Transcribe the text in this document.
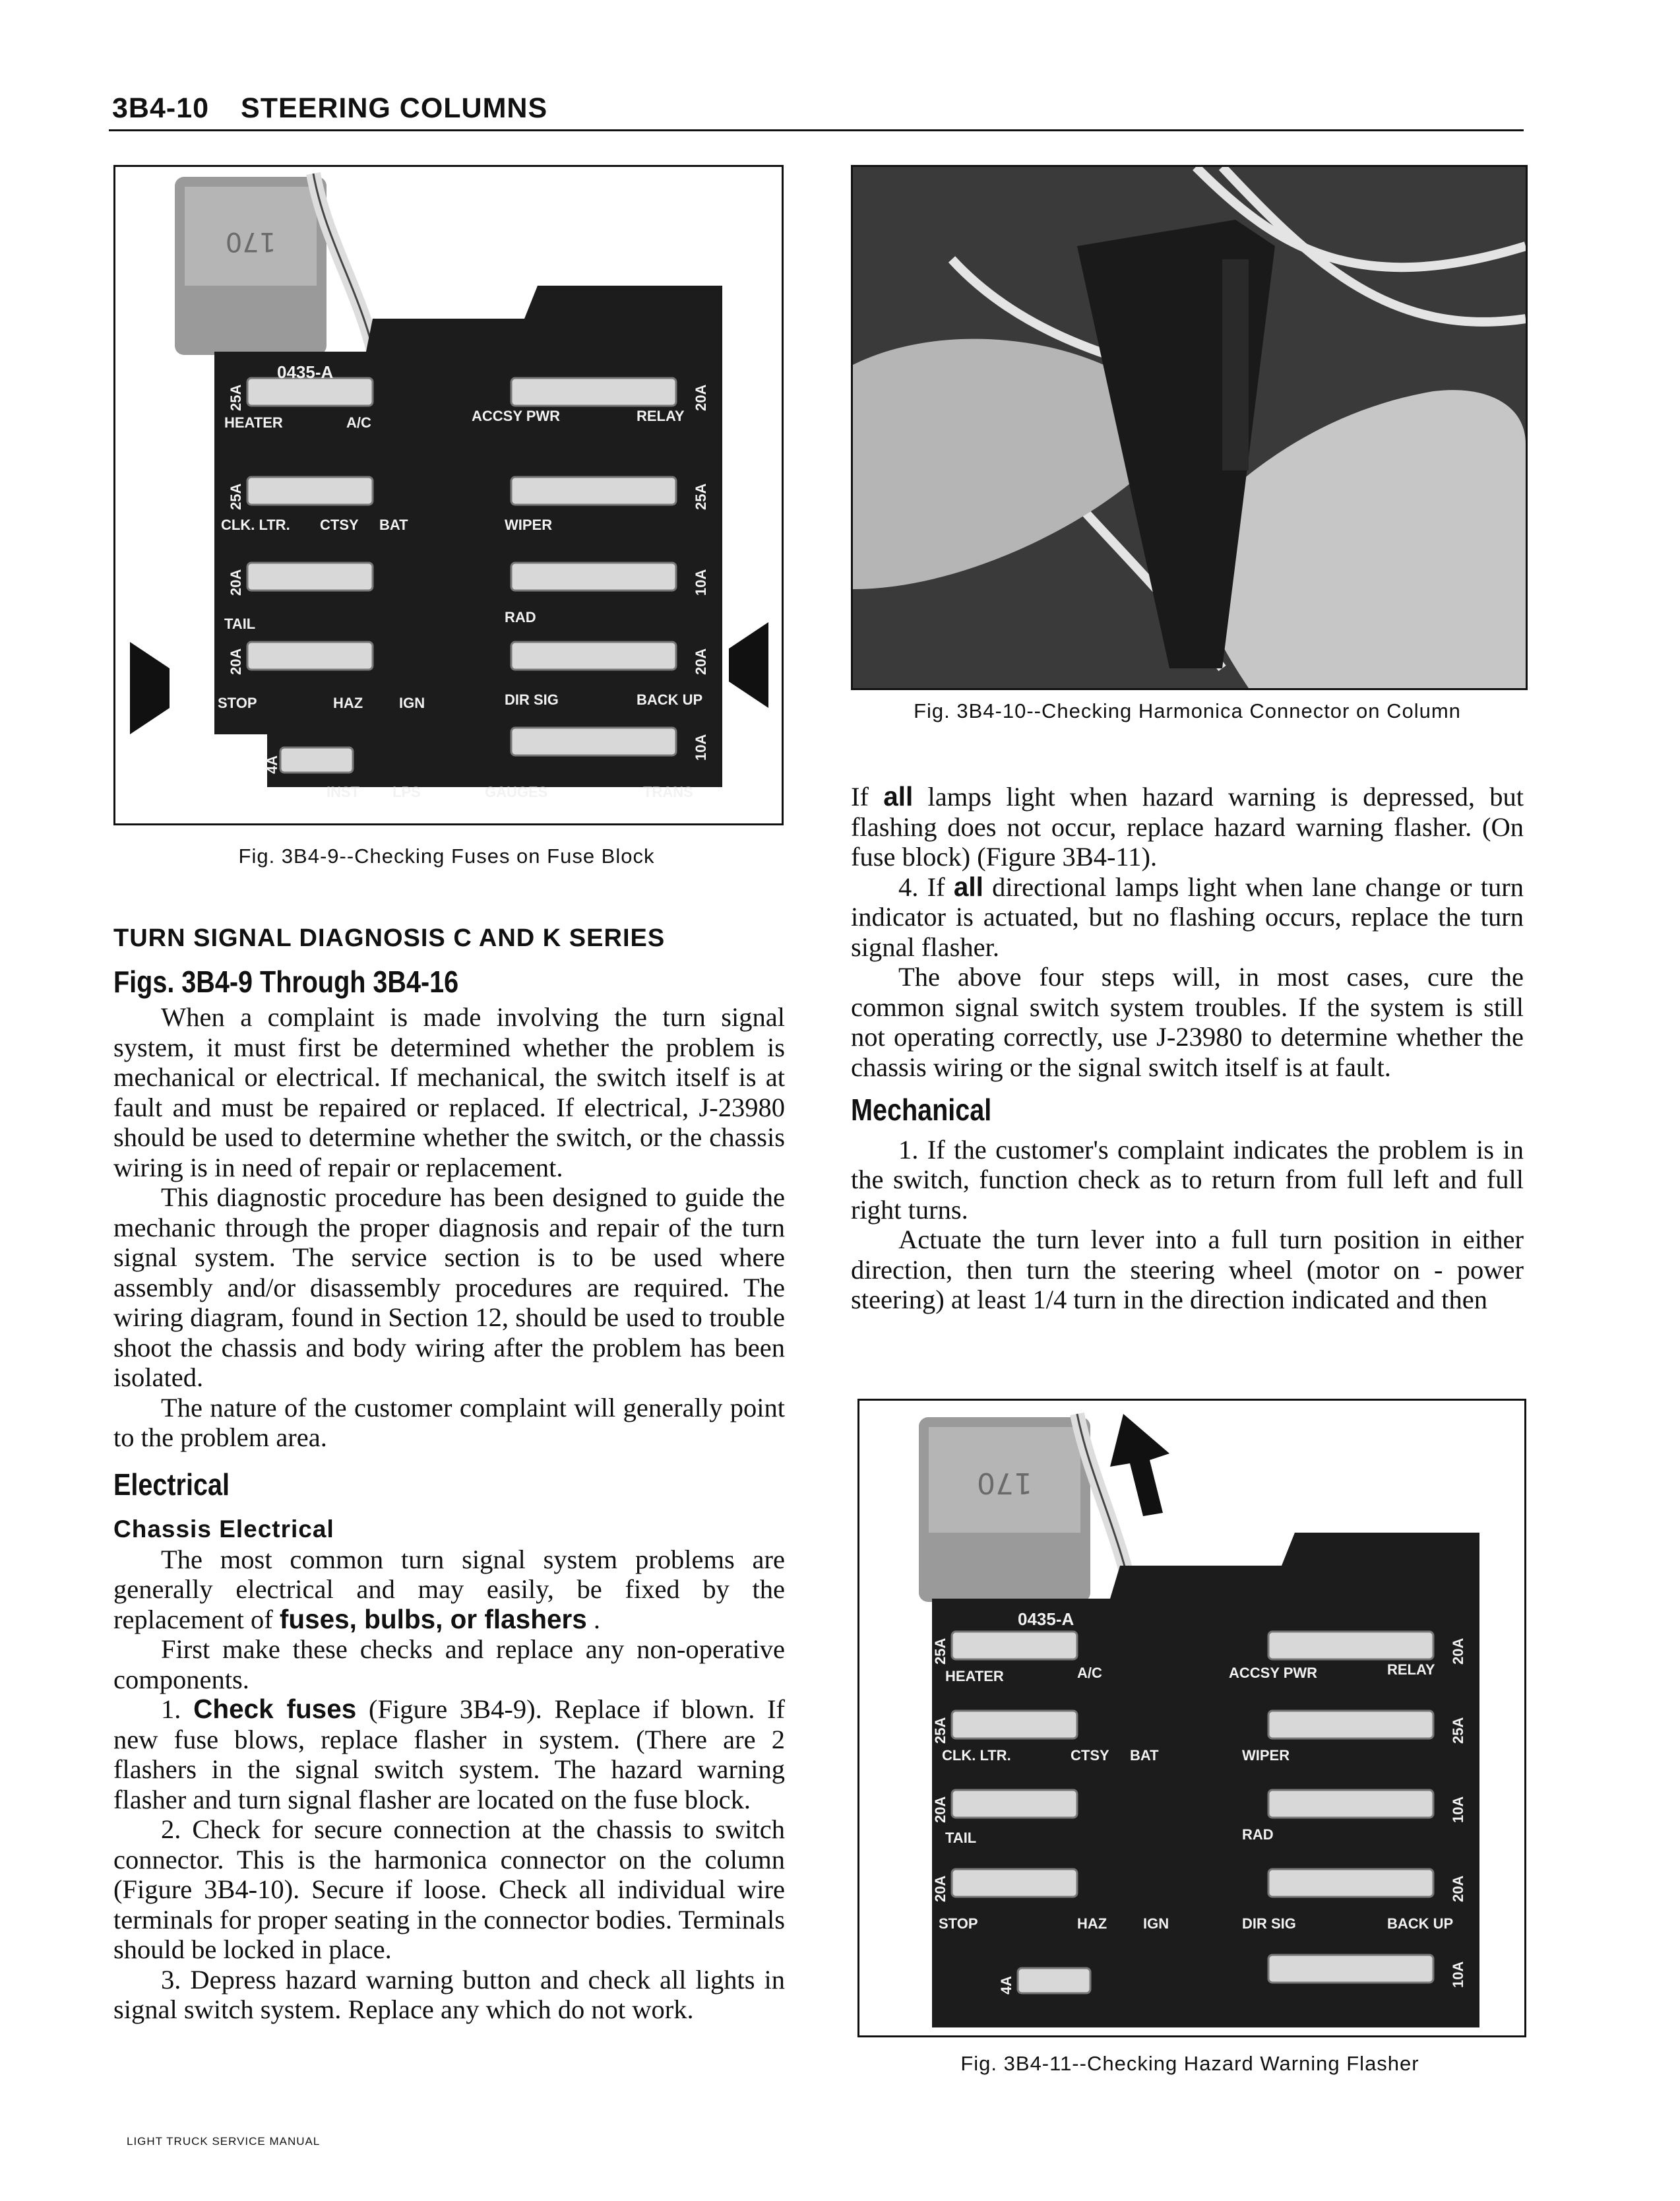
3B4-10 STEERING COLUMNS
170
0435-A
HEATER	A/C	ACCSY PWR	RELAY
CLK. LTR. CTSY BAT	WIPER
TAIL	RAD
STOP	HAZ IGN	DIR SIG	BACK UP
INST LPS	GAUGES	TRANS
25A
25A
20A
20A
4A
20A
25A
10A
20A
10A
Fig. 3B4-9--Checking Fuses on Fuse Block
Fig. 3B4-10--Checking Harmonica Connector on Column
TURN SIGNAL DIAGNOSIS C AND K SERIES
Figs. 3B4-9 Through 3B4-16

When a complaint is made involving the turn signal system, it must first be determined whether the problem is mechanical or electrical. If mechanical, the switch itself is at fault and must be repaired or replaced. If electrical, J-23980 should be used to determine whether the switch, or the chassis wiring is in need of repair or replacement.

This diagnostic procedure has been designed to guide the mechanic through the proper diagnosis and repair of the turn signal system. The service section is to be used where assembly and/or disassembly procedures are required. The wiring diagram, found in Section 12, should be used to trouble shoot the chassis and body wiring after the problem has been isolated.

The nature of the customer complaint will generally point to the problem area.

Electrical
Chassis Electrical

The most common turn signal system problems are generally electrical and may easily, be fixed by the replacement of fuses, bulbs, or flashers .

First make these checks and replace any non-operative components.

1. Check fuses (Figure 3B4-9). Replace if blown. If new fuse blows, replace flasher in system. (There are 2 flashers in the signal switch system. The hazard warning flasher and turn signal flasher are located on the fuse block.

2. Check for secure connection at the chassis to switch connector. This is the harmonica connector on the column (Figure 3B4-10). Secure if loose. Check all individual wire terminals for proper seating in the connector bodies. Terminals should be locked in place.

3. Depress hazard warning button and check all lights in signal switch system. Replace any which do not work.

If all lamps light when hazard warning is depressed, but flashing does not occur, replace hazard warning flasher. (On fuse block) (Figure 3B4-11).

4. If all directional lamps light when lane change or turn indicator is actuated, but no flashing occurs, replace the turn signal flasher.

The above four steps will, in most cases, cure the common signal switch system troubles. If the system is still not operating correctly, use J-23980 to determine whether the chassis wiring or the signal switch itself is at fault.

Mechanical

1. If the customer's complaint indicates the problem is in the switch, function check as to return from full left and full right turns.

Actuate the turn lever into a full turn position in either direction, then turn the steering wheel (motor on - power steering) at least 1/4 turn in the direction indicated and then

170
0435-A
HEATER	A/C	ACCSY PWR	RELAY
CLK. LTR.	CTSY BAT	WIPER
TAIL	RAD
STOP	HAZ IGN	DIR SIG	BACK UP
25A
25A
20A
20A
4A
20A
25A
10A
20A
10A
Fig. 3B4-11--Checking Hazard Warning Flasher
LIGHT TRUCK SERVICE MANUAL
